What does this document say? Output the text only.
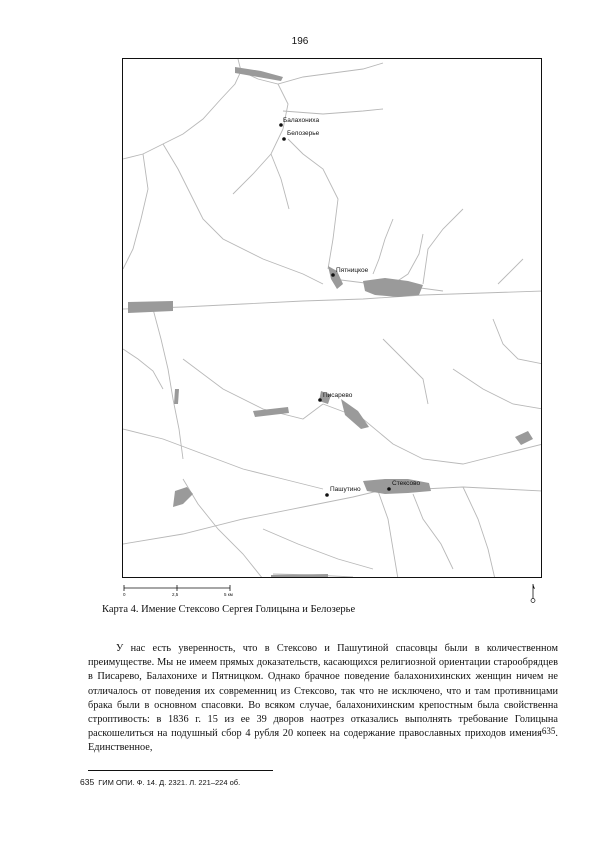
196
Балахониха
Белозерье
Пятницкое
Писарево
Стексово
Пашутино
0	2,5	5 км
Карта 4. Имение Стексово Сергея Голицына и Белозерье

У нас есть уверенность, что в Стексово и Пашутиной спасовцы были в количественном преимуществе. Мы не имеем прямых доказательств, касающихся религиозной ориентации старообрядцев в Писарево, Балахонихе и Пятницком. Однако брачное поведение балахонихинских женщин ничем не отличалось от поведения их современниц из Стексово, так что не исключено, что и там противницами брака были в основном спасовки. Во всяком случае, балахонихинским крепостным была свойственна строптивость: в 1836 г. 15 из ее 39 дворов наотрез отказались выполнять требование Голицына раскошелиться на подушный сбор 4 рубля 20 копеек на содержание православных приходов имения635. Единственное,

635 ГИМ ОПИ. Ф. 14. Д. 2321. Л. 221–224 об.
